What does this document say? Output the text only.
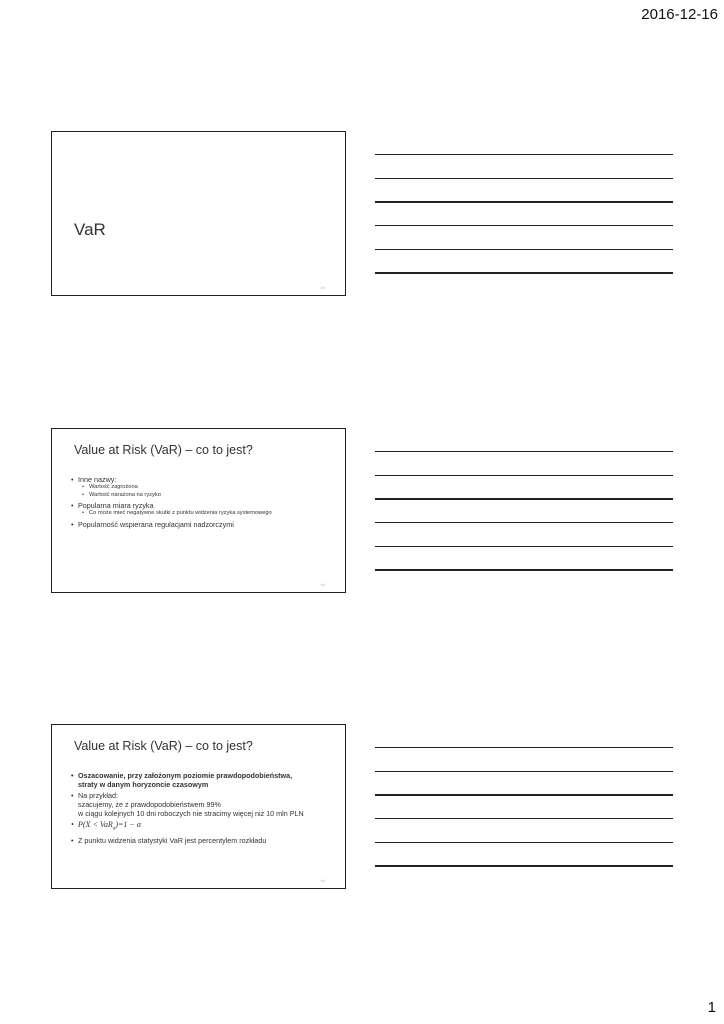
2016-12-16
VaR
##
Value at Risk (VaR) – co to jest?
• Inne nazwy:
• Wartość zagrożona
• Wartość narażona na ryzyko
• Popularna miara ryzyka
• Co może mieć negatywne skutki z punktu widzenia ryzyka systemowego
• Popularność wspierana regulacjami nadzorczymi
##
Value at Risk (VaR) – co to jest?
• Oszacowanie, przy założonym poziomie prawdopodobieństwa,
straty w danym horyzoncie czasowym
• Na przykład:
szacujemy, że z prawdopodobieństwem 99%
w ciągu kolejnych 10 dni roboczych nie stracimy więcej niż 10 mln PLN
• P(X < VaR$_\alpha$)=1 − α
• Z punktu widzenia statystyki VaR jest percentylem rozkładu
##
1
